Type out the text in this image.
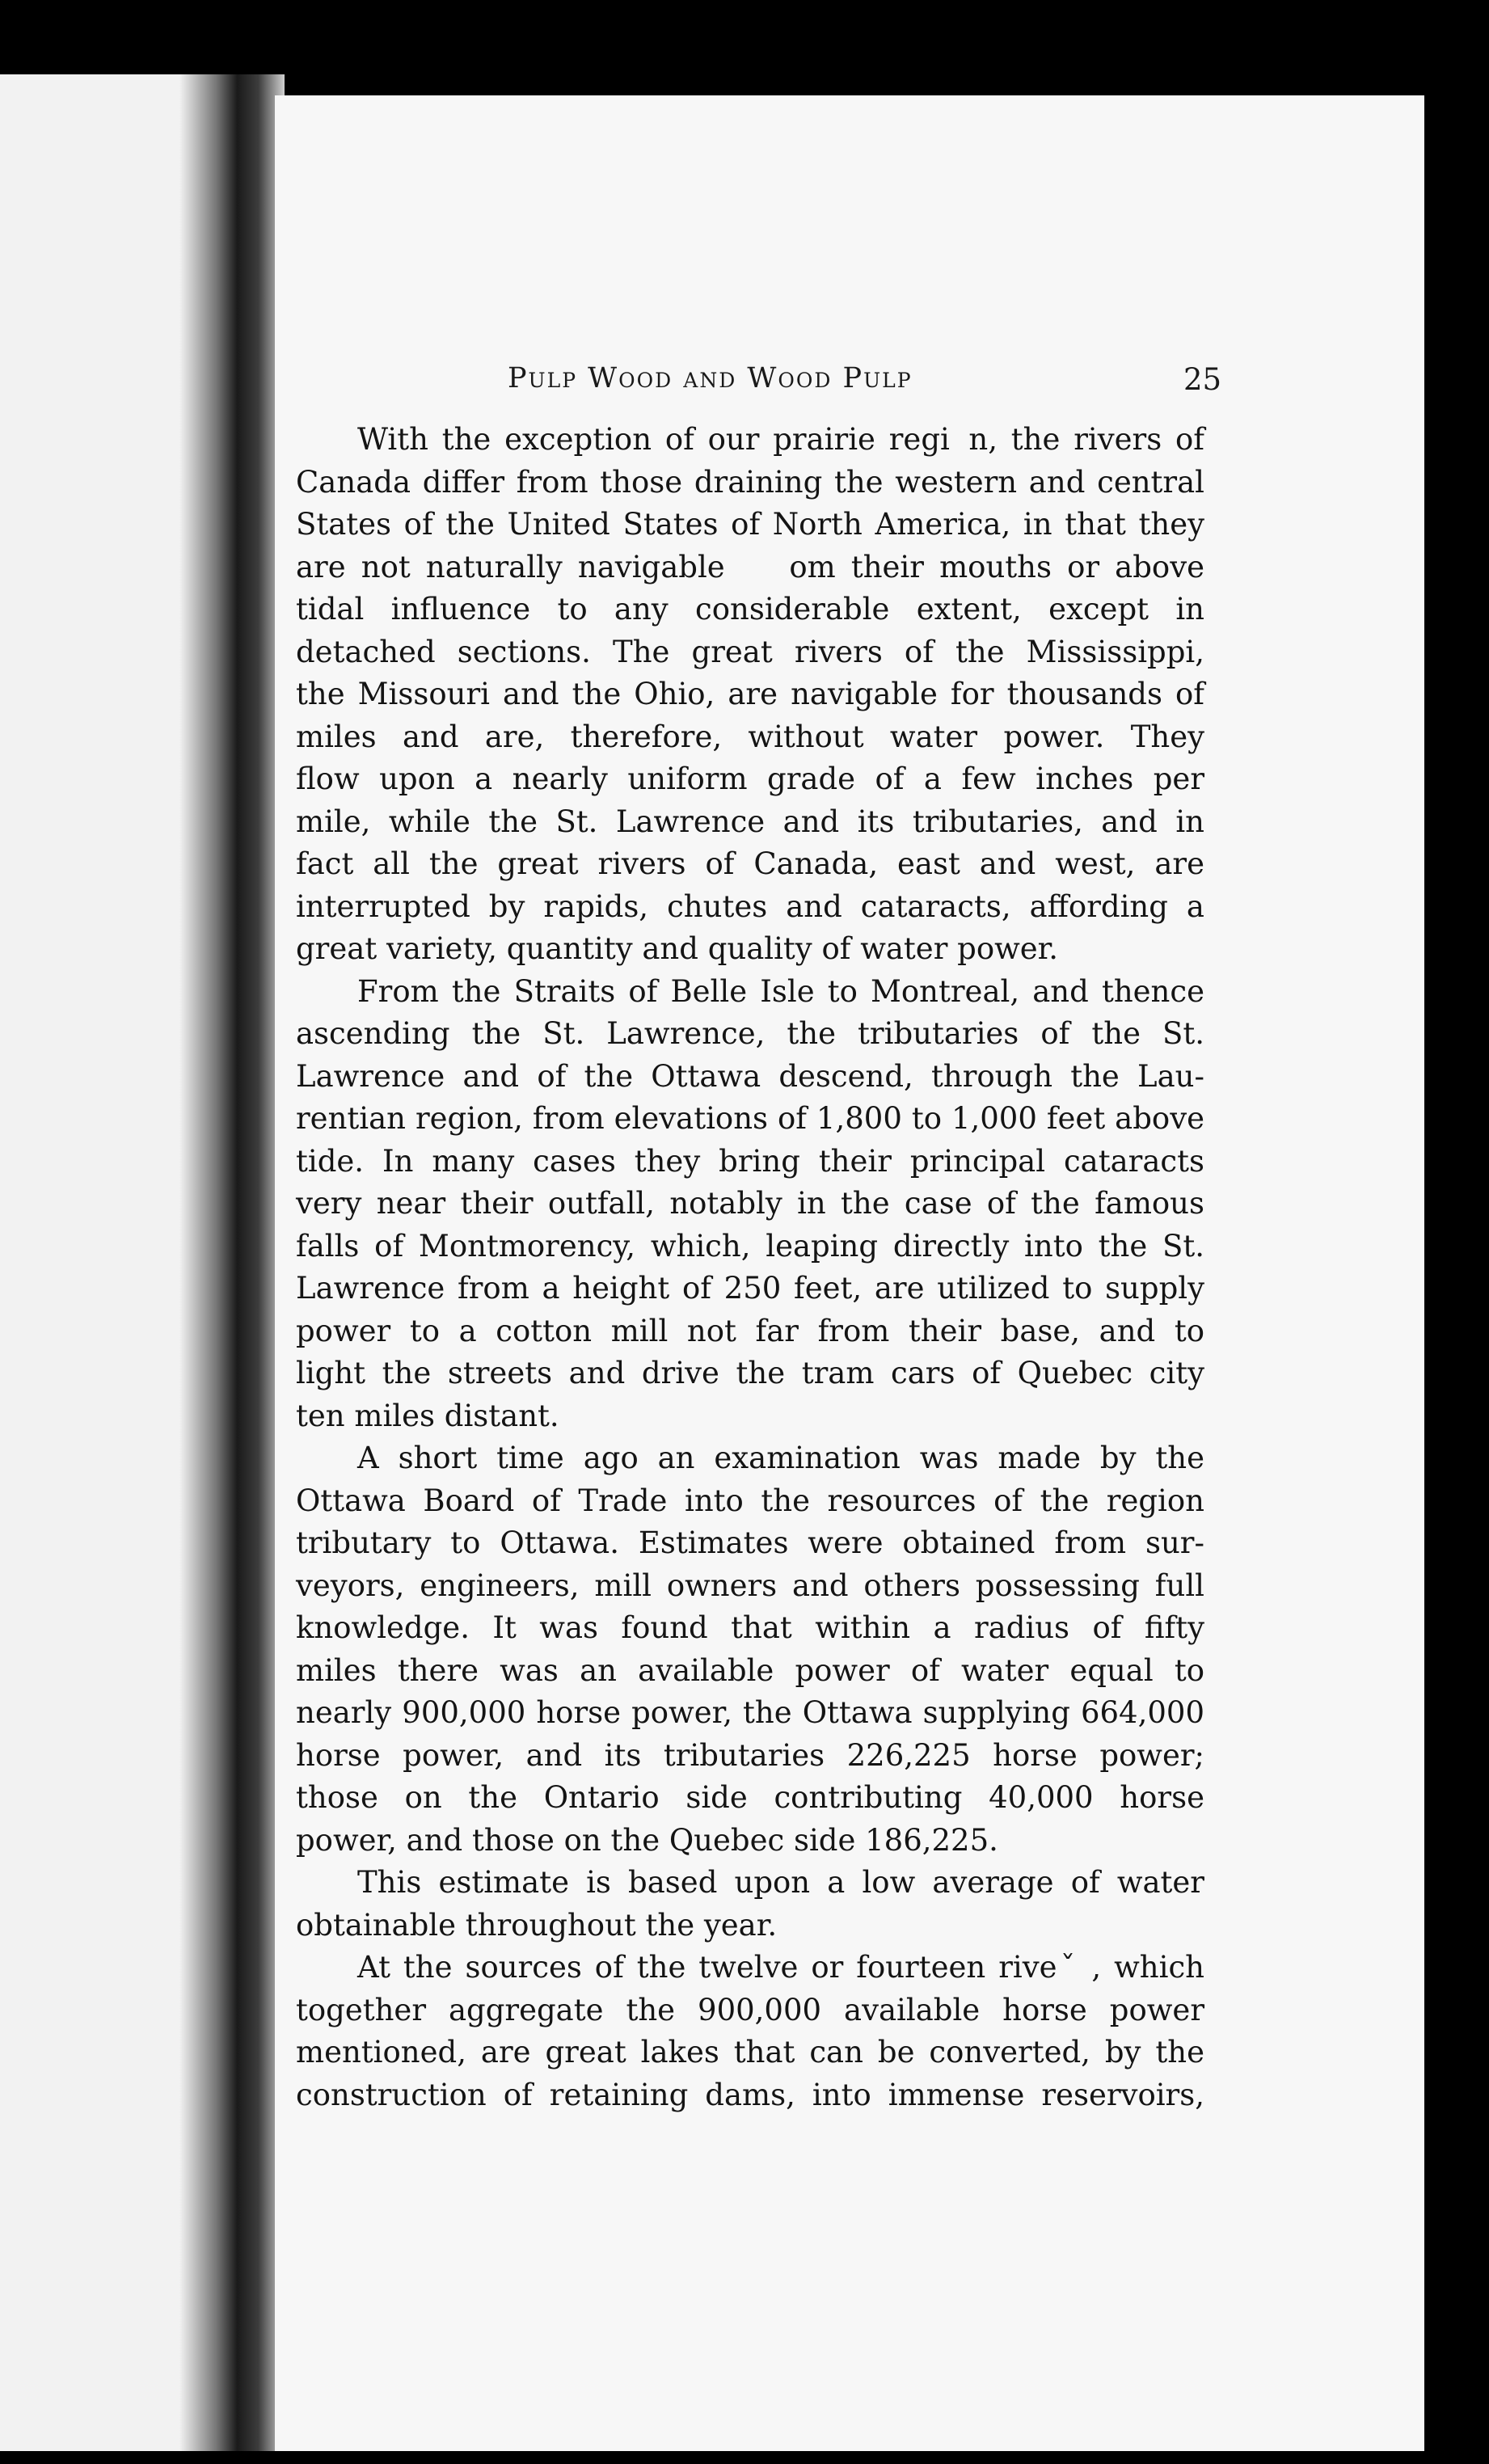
Pulp Wood and Wood Pulp	25
With the exception of our prairie regi n, the rivers of
Canada differ from those draining the western and central
States of the United States of North America, in that they
are not naturally navigable   om their mouths or above
tidal influence to any considerable extent, except in
detached sections. The great rivers of the Mississippi,
the Missouri and the Ohio, are navigable for thousands of
miles and are, therefore, without water power. They
flow upon a nearly uniform grade of a few inches per
mile, while the St. Lawrence and its tributaries, and in
fact all the great rivers of Canada, east and west, are
interrupted by rapids, chutes and cataracts, affording a
great variety, quantity and quality of water power.
From the Straits of Belle Isle to Montreal, and thence
ascending the St. Lawrence, the tributaries of the St.
Lawrence and of the Ottawa descend, through the Lau-
rentian region, from elevations of 1,800 to 1,000 feet above
tide. In many cases they bring their principal cataracts
very near their outfall, notably in the case of the famous
falls of Montmorency, which, leaping directly into the St.
Lawrence from a height of 250 feet, are utilized to supply
power to a cotton mill not far from their base, and to
light the streets and drive the tram cars of Quebec city
ten miles distant.
A short time ago an examination was made by the
Ottawa Board of Trade into the resources of the region
tributary to Ottawa. Estimates were obtained from sur-
veyors, engineers, mill owners and others possessing full
knowledge. It was found that within a radius of fifty
miles there was an available power of water equal to
nearly 900,000 horse power, the Ottawa supplying 664,000
horse power, and its tributaries 226,225 horse power;
those on the Ontario side contributing 40,000 horse
power, and those on the Quebec side 186,225.
This estimate is based upon a low average of water
obtainable throughout the year.
At the sources of the twelve or fourteen riveˇ , which
together aggregate the 900,000 available horse power
mentioned, are great lakes that can be converted, by the
construction of retaining dams, into immense reservoirs,
